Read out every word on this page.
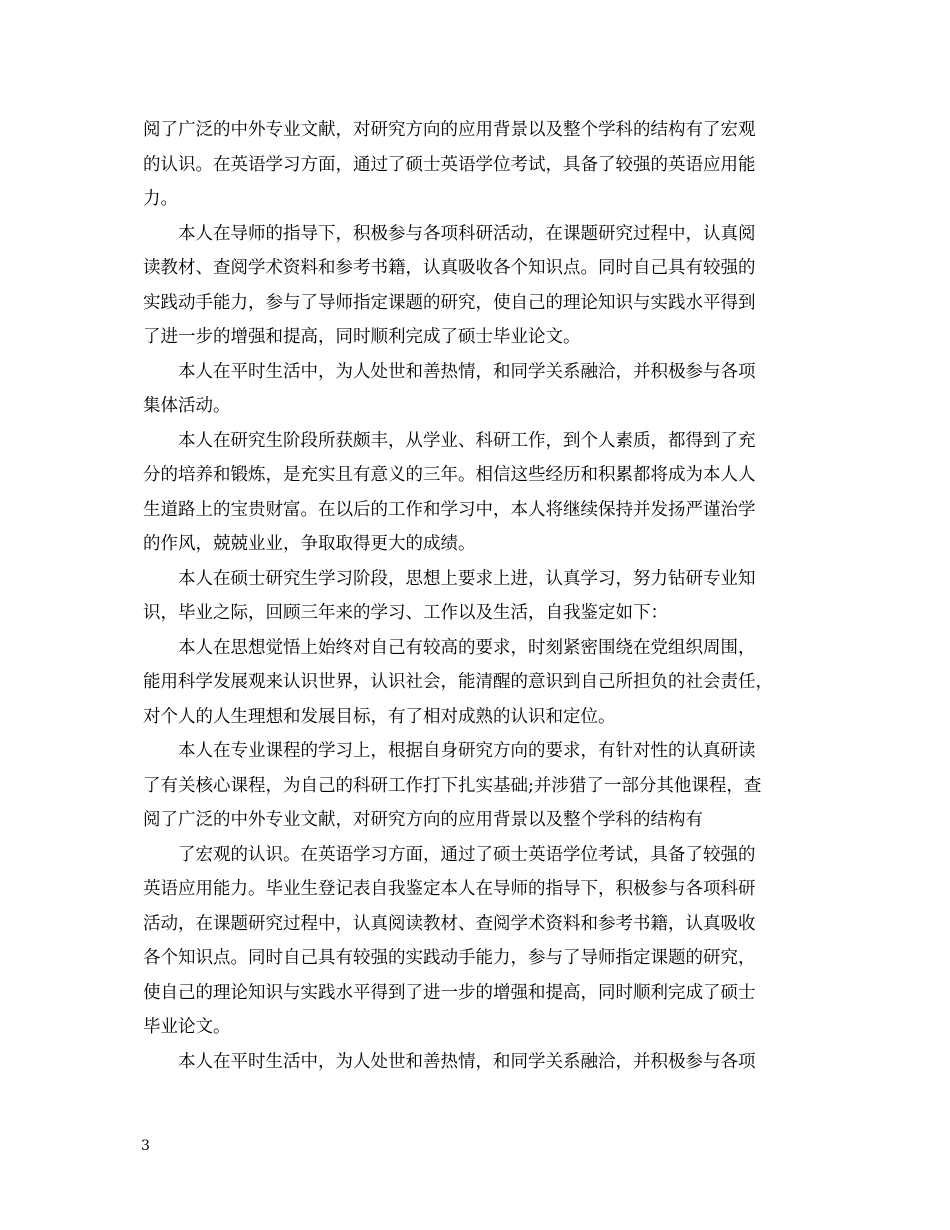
阅了广泛的中外专业文献，对研究方向的应用背景以及整个学科的结构有了宏观
的认识。在英语学习方面，通过了硕士英语学位考试，具备了较强的英语应用能
力。
本人在导师的指导下，积极参与各项科研活动，在课题研究过程中，认真阅
读教材、查阅学术资料和参考书籍，认真吸收各个知识点。同时自己具有较强的
实践动手能力，参与了导师指定课题的研究，使自己的理论知识与实践水平得到
了进一步的增强和提高，同时顺利完成了硕士毕业论文。
本人在平时生活中，为人处世和善热情，和同学关系融洽，并积极参与各项
集体活动。
本人在研究生阶段所获颇丰，从学业、科研工作，到个人素质，都得到了充
分的培养和锻炼，是充实且有意义的三年。相信这些经历和积累都将成为本人人
生道路上的宝贵财富。在以后的工作和学习中，本人将继续保持并发扬严谨治学
的作风，兢兢业业，争取取得更大的成绩。
本人在硕士研究生学习阶段，思想上要求上进，认真学习，努力钻研专业知
识，毕业之际，回顾三年来的学习、工作以及生活，自我鉴定如下：
本人在思想觉悟上始终对自己有较高的要求，时刻紧密围绕在党组织周围，
能用科学发展观来认识世界，认识社会，能清醒的意识到自己所担负的社会责任，
对个人的人生理想和发展目标，有了相对成熟的认识和定位。
本人在专业课程的学习上，根据自身研究方向的要求，有针对性的认真研读
了有关核心课程，为自己的科研工作打下扎实基础;并涉猎了一部分其他课程，查
阅了广泛的中外专业文献，对研究方向的应用背景以及整个学科的结构有
了宏观的认识。在英语学习方面，通过了硕士英语学位考试，具备了较强的
英语应用能力。毕业生登记表自我鉴定本人在导师的指导下，积极参与各项科研
活动，在课题研究过程中，认真阅读教材、查阅学术资料和参考书籍，认真吸收
各个知识点。同时自己具有较强的实践动手能力，参与了导师指定课题的研究，
使自己的理论知识与实践水平得到了进一步的增强和提高，同时顺利完成了硕士
毕业论文。
本人在平时生活中，为人处世和善热情，和同学关系融洽，并积极参与各项
3
